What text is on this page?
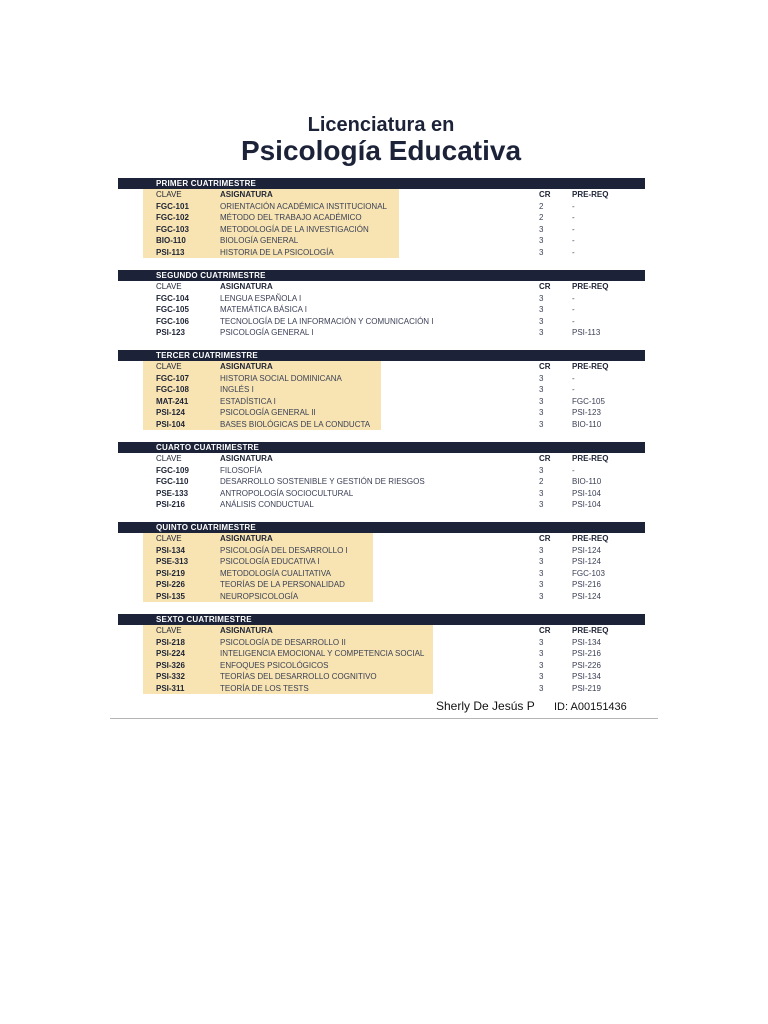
Licenciatura en
Psicología Educativa
PRIMER CUATRIMESTRE
CLAVE	ASIGNATURA	CR	PRE-REQ
FGC-101	ORIENTACIÓN ACADÉMICA INSTITUCIONAL	2	-
FGC-102	MÉTODO DEL TRABAJO ACADÉMICO	2	-
FGC-103	METODOLOGÍA DE LA INVESTIGACIÓN	3	-
BIO-110	BIOLOGÍA GENERAL	3	-
PSI-113	HISTORIA DE LA PSICOLOGÍA	3	-
SEGUNDO CUATRIMESTRE
CLAVE	ASIGNATURA	CR	PRE-REQ
FGC-104	LENGUA ESPAÑOLA I	3	-
FGC-105	MATEMÁTICA BÁSICA I	3	-
FGC-106	TECNOLOGÍA DE LA INFORMACIÓN Y COMUNICACIÓN I	3	-
PSI-123	PSICOLOGÍA GENERAL I	3	PSI-113
TERCER CUATRIMESTRE
CLAVE	ASIGNATURA	CR	PRE-REQ
FGC-107	HISTORIA SOCIAL DOMINICANA	3	-
FGC-108	INGLÉS I	3	-
MAT-241	ESTADÍSTICA I	3	FGC-105
PSI-124	PSICOLOGÍA GENERAL II	3	PSI-123
PSI-104	BASES BIOLÓGICAS DE LA CONDUCTA	3	BIO-110
CUARTO CUATRIMESTRE
CLAVE	ASIGNATURA	CR	PRE-REQ
FGC-109	FILOSOFÍA	3	-
FGC-110	DESARROLLO SOSTENIBLE Y GESTIÓN DE RIESGOS	2	BIO-110
PSE-133	ANTROPOLOGÍA SOCIOCULTURAL	3	PSI-104
PSI-216	ANÁLISIS CONDUCTUAL	3	PSI-104
QUINTO CUATRIMESTRE
CLAVE	ASIGNATURA	CR	PRE-REQ
PSI-134	PSICOLOGÍA DEL DESARROLLO I	3	PSI-124
PSE-313	PSICOLOGÍA EDUCATIVA I	3	PSI-124
PSI-219	METODOLOGÍA CUALITATIVA	3	FGC-103
PSI-226	TEORÍAS DE LA PERSONALIDAD	3	PSI-216
PSI-135	NEUROPSICOLOGÍA	3	PSI-124
SEXTO CUATRIMESTRE
CLAVE	ASIGNATURA	CR	PRE-REQ
PSI-218	PSICOLOGÍA DE DESARROLLO II	3	PSI-134
PSI-224	INTELIGENCIA EMOCIONAL Y COMPETENCIA SOCIAL	3	PSI-216
PSI-326	ENFOQUES PSICOLÓGICOS	3	PSI-226
PSI-332	TEORÍAS DEL DESARROLLO COGNITIVO	3	PSI-134
PSI-311	TEORÍA DE LOS TESTS	3	PSI-219
Sherly De Jesús P ID: A00151436
